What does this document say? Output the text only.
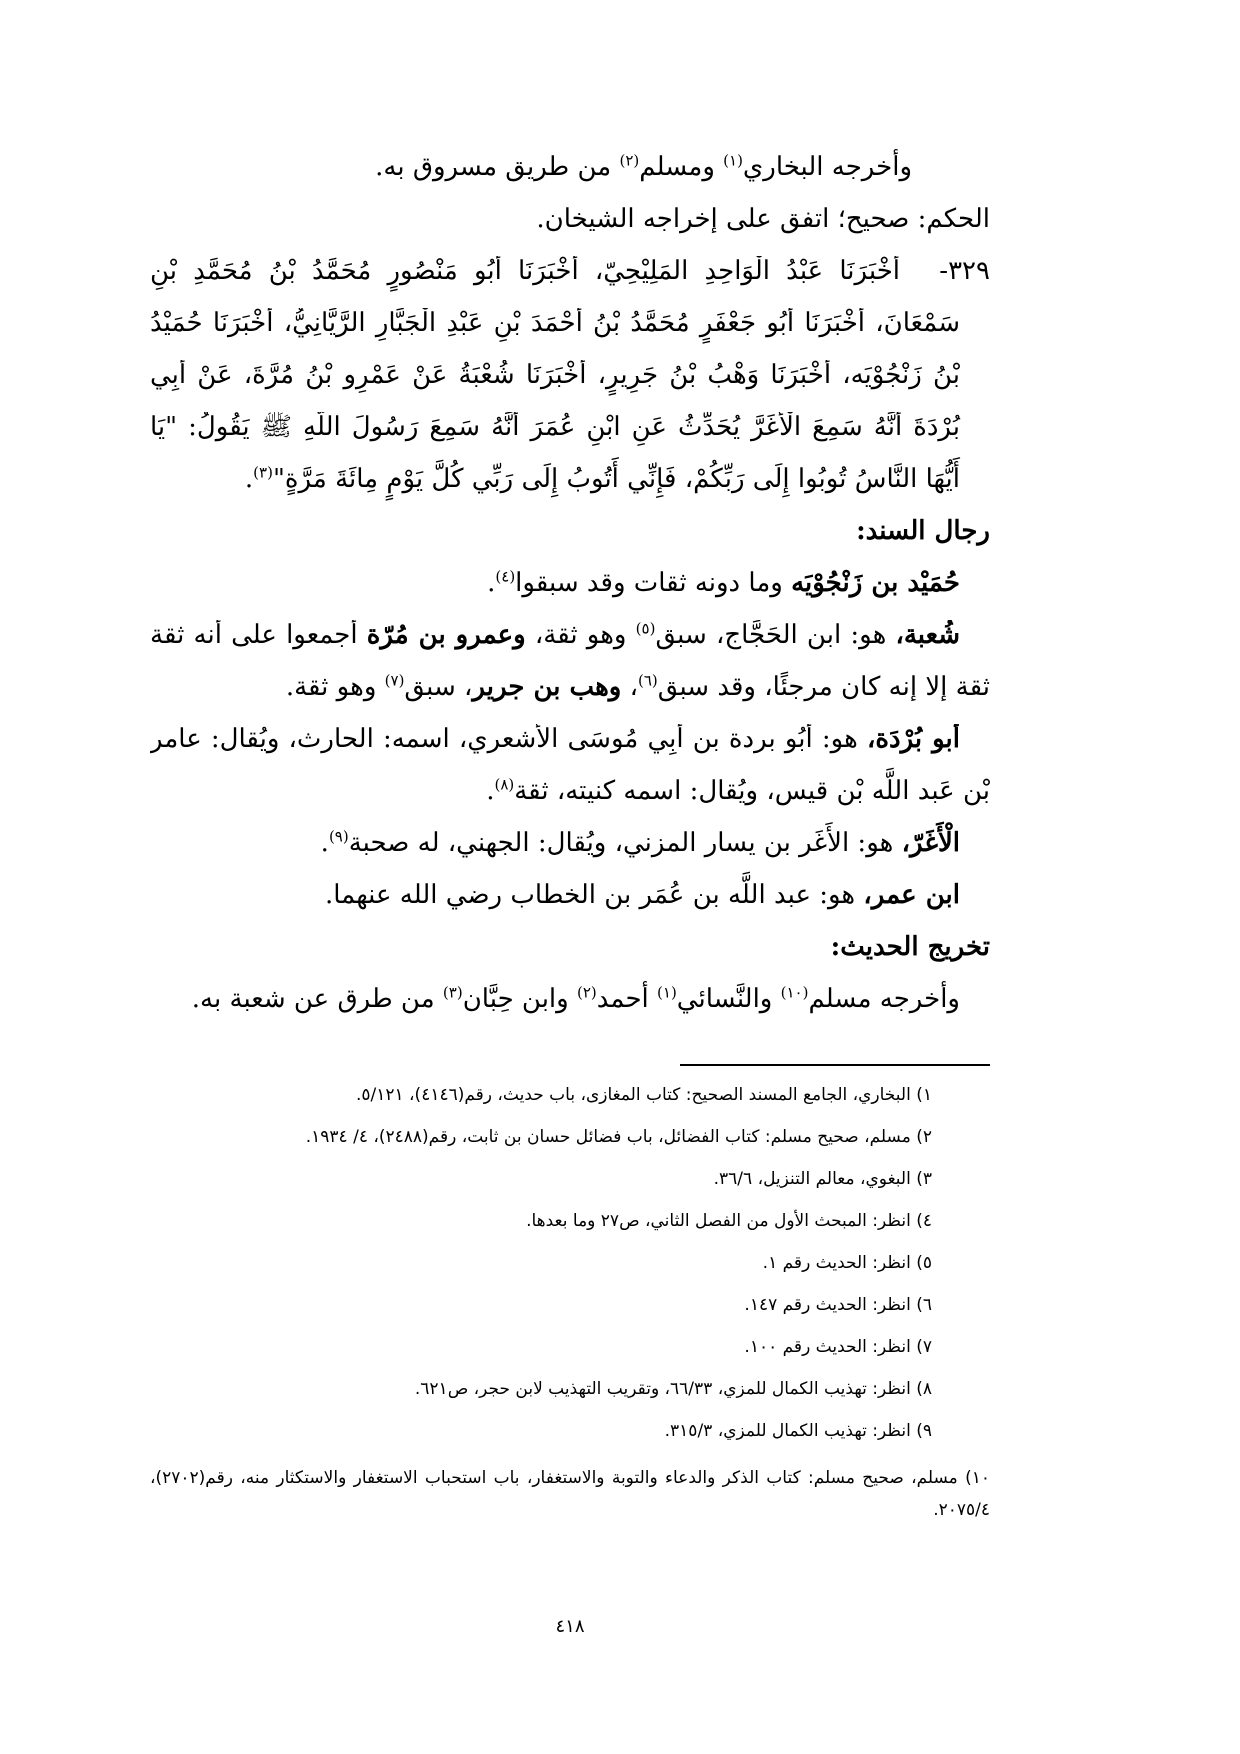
وأخرجه البخاري$^{(١)}$ ومسلم$^{(٢)}$ من طريق مسروق به.
الحكم: صحيح؛ اتفق على إخراجه الشيخان.
٣٢٩-أَخْبَرَنَا عَبْدُ الْوَاحِدِ المَلِيْحِيّ، أَخْبَرَنَا أَبُو مَنْصُورٍ مُحَمَّدُ بْنُ مُحَمَّدِ بْنِ
سَمْعَانَ، أَخْبَرَنَا أَبُو جَعْفَرٍ مُحَمَّدُ بْنُ أَحْمَدَ بْنِ عَبْدِ الْجَبَّارِ الرَّيَّانِيُّ، أَخْبَرَنَا حُمَيْدُ
بْنُ زَنْجُوْيَه، أَخْبَرَنَا وَهْبُ بْنُ جَرِيرٍ، أَخْبَرَنَا شُعْبَةُ عَنْ عَمْرِو بْنُ مُرَّةَ، عَنْ أَبِي
بُرْدَةَ أَنَّهُ سَمِعَ الْأَغَرَّ يُحَدِّثُ عَنِ ابْنِ عُمَرَ أَنَّهُ سَمِعَ رَسُولَ اللَّهِ ﷺ يَقُولُ: "يَا
أَيُّهَا النَّاسُ تُوبُوا إِلَى رَبِّكُمْ، فَإِنِّي أَتُوبُ إِلَى رَبِّي كُلَّ يَوْمٍ مِائَةَ مَرَّةٍ"$^{(٣)}$.
رجال السند:
حُمَيْد بن زَنْجُوْيَه وما دونه ثقات وقد سبقوا$^{(٤)}$.
شُعبة، هو: ابن الحَجَّاج، سبق$^{(٥)}$ وهو ثقة، وعمرو بن مُرّة أجمعوا على أنه ثقة
ثقة إلا إنه كان مرجئًا، وقد سبق$^{(٦)}$، وهب بن جرير، سبق$^{(٧)}$ وهو ثقة.
أبو بُرْدَة، هو: أَبُو بردة بن أَبِي مُوسَى الأشعري، اسمه: الحارث، ويُقال: عامر
بْن عَبد اللَّه بْن قيس، ويُقال: اسمه كنيته، ثقة$^{(٨)}$.
الْأَغَرّ، هو: الأَغَر بن يسار المزني، ويُقال: الجهني، له صحبة$^{(٩)}$.
ابن عمر، هو: عبد اللَّه بن عُمَر بن الخطاب رضي الله عنهما.
تخريج الحديث:
وأخرجه مسلم$^{(١٠)}$ والنَّسائي$^{(١)}$ أحمد$^{(٢)}$ وابن حِبَّان$^{(٣)}$ من طرق عن شعبة به.
١) البخاري، الجامع المسند الصحيح: كتاب المغازى، باب حديث، رقم(٤١٤٦)، ٥/١٢١.
٢) مسلم، صحيح مسلم: كتاب الفضائل، باب فضائل حسان بن ثابت، رقم(٢٤٨٨)، ٤/ ١٩٣٤.
٣) البغوي، معالم التنزيل، ٣٦/٦.
٤) انظر: المبحث الأول من الفصل الثاني، ص٢٧ وما بعدها.
٥) انظر: الحديث رقم ١.
٦) انظر: الحديث رقم ١٤٧.
٧) انظر: الحديث رقم ١٠٠.
٨) انظر: تهذيب الكمال للمزي، ٦٦/٣٣، وتقريب التهذيب لابن حجر، ص٦٢١.
٩) انظر: تهذيب الكمال للمزي، ٣١٥/٣.
١٠) مسلم، صحيح مسلم: كتاب الذكر والدعاء والتوبة والاستغفار، باب استحباب الاستغفار والاستكثار منه، رقم(٢٧٠٢)، ٢٠٧٥/٤.
٤١٨
